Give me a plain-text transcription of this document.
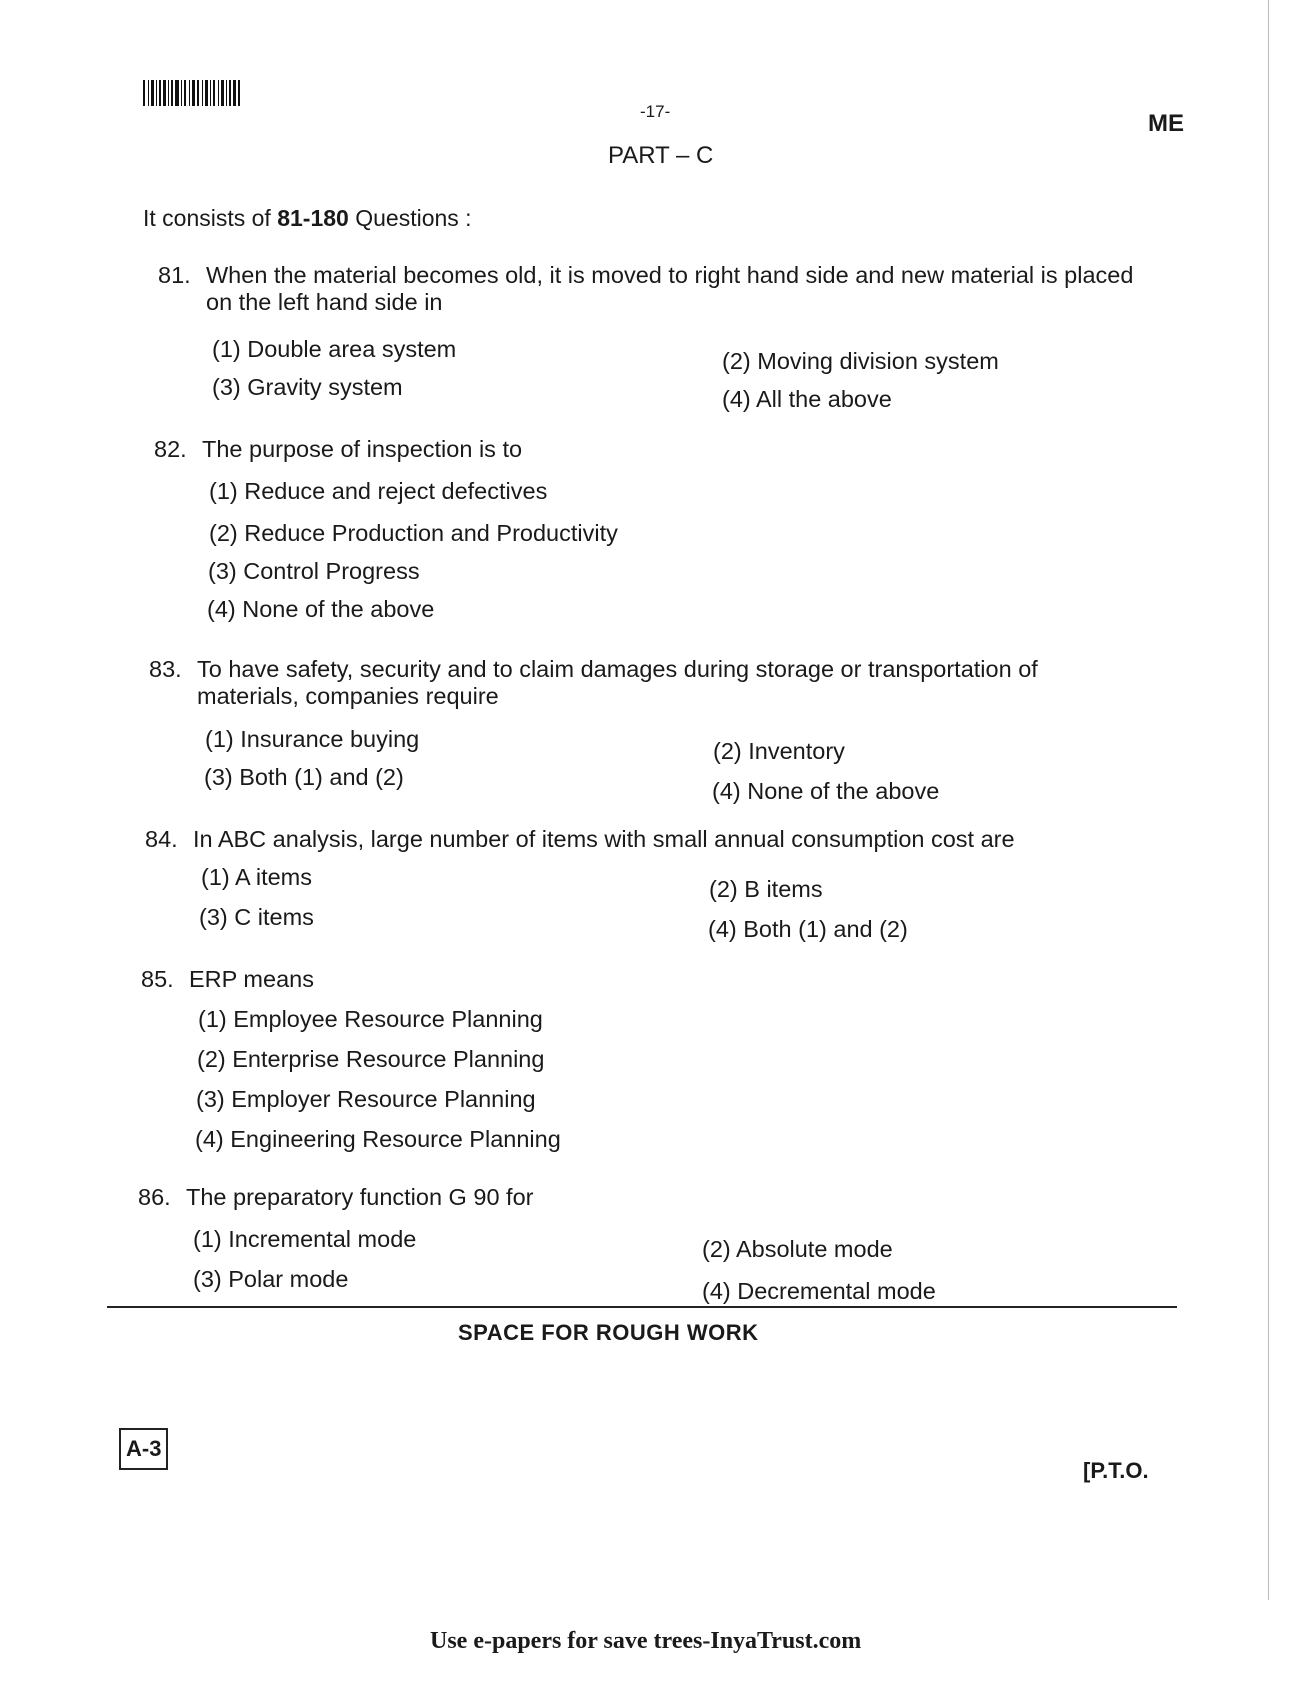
-17-	ME
PART – C
It consists of 81-180 Questions :
81. When the material becomes old, it is moved to right hand side and new material is placed on the left hand side in
(1) Double area system	(2) Moving division system
(3) Gravity system	(4) All the above
82. The purpose of inspection is to
(1) Reduce and reject defectives
(2) Reduce Production and Productivity
(3) Control Progress
(4) None of the above
83. To have safety, security and to claim damages during storage or transportation of materials, companies require
(1) Insurance buying	(2) Inventory
(3) Both (1) and (2)
(4) None of the above
84. In ABC analysis, large number of items with small annual consumption cost are
(1) A items	(2) B items
(3) C items	(4) Both (1) and (2)
85. ERP means
(1) Employee Resource Planning
(2) Enterprise Resource Planning
(3) Employer Resource Planning
(4) Engineering Resource Planning
86. The preparatory function G 90 for
(1) Incremental mode	(2) Absolute mode
(3) Polar mode	(4) Decremental mode
SPACE FOR ROUGH WORK
A-3
[P.T.O.
Use e-papers for save trees-InyaTrust.com
